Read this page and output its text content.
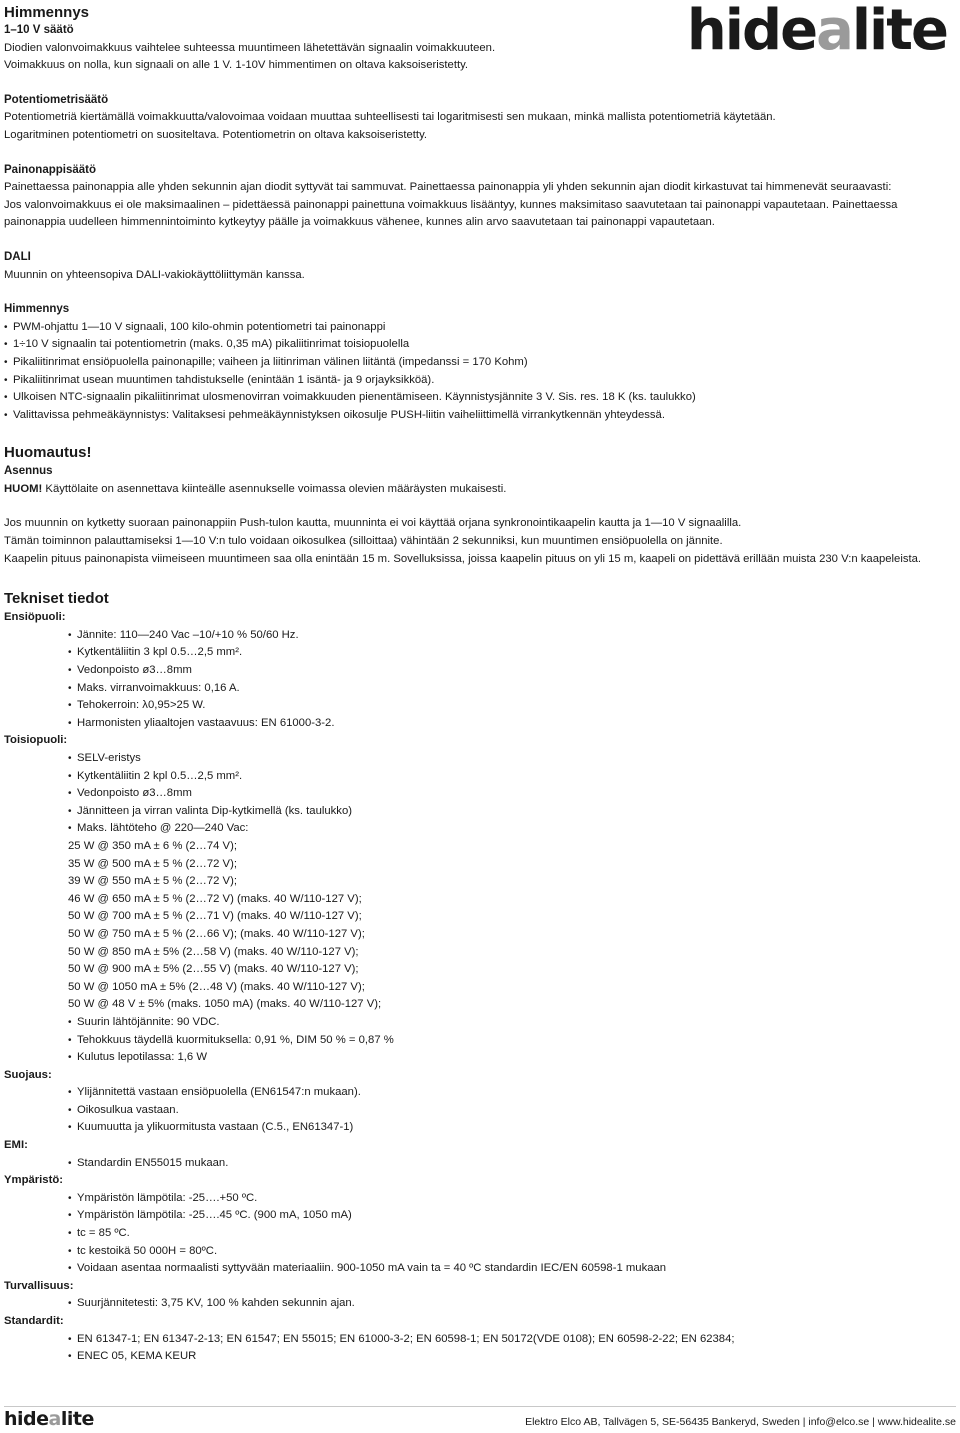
hidealite
Himmennys

1–10 V säätö

Diodien valonvoimakkuus vaihtelee suhteessa muuntimeen lähetettävän signaalin voimakkuuteen.

Voimakkuus on nolla, kun signaali on alle 1 V. 1-10V himmentimen on oltava kaksoiseristetty.

Potentiometrisäätö

Potentiometriä kiertämällä voimakkuutta/valovoimaa voidaan muuttaa suhteellisesti tai logaritmisesti sen mukaan, minkä mallista potentiometriä käytetään.

Logaritminen potentiometri on suositeltava. Potentiometrin on oltava kaksoiseristetty.

Painonappisäätö

Painettaessa painonappia alle yhden sekunnin ajan diodit syttyvät tai sammuvat. Painettaessa painonappia yli yhden sekunnin ajan diodit kirkastuvat tai himmenevät seuraavasti:

Jos valonvoimakkuus ei ole maksimaalinen – pidettäessä painonappi painettuna voimakkuus lisääntyy, kunnes maksimitaso saavutetaan tai painonappi vapautetaan. Painettaessa painonappia uudelleen himmennintoiminto kytkeytyy päälle ja voimakkuus vähenee, kunnes alin arvo saavutetaan tai painonappi vapautetaan.

DALI

Muunnin on yhteensopiva DALI-vakiokäyttöliittymän kanssa.

Himmennys

• PWM-ohjattu 1—10 V signaali, 100 kilo-ohmin potentiometri tai painonappi
• 1÷10 V signaalin tai potentiometrin (maks. 0,35 mA) pikaliitinrimat toisiopuolella
• Pikaliitinrimat ensiöpuolella painonapille; vaiheen ja liitinriman välinen liitäntä (impedanssi = 170 Kohm)
• Pikaliitinrimat usean muuntimen tahdistukselle (enintään 1 isäntä- ja 9 orjayksikköä).
• Ulkoisen NTC-signaalin pikaliitinrimat ulosmenovirran voimakkuuden pienentämiseen. Käynnistysjännite 3 V. Sis. res. 18 K (ks. taulukko)
• Valittavissa pehmeäkäynnistys: Valitaksesi pehmeäkäynnistyksen oikosulje PUSH-liitin vaiheliittimellä virrankytkennän yhteydessä.

Huomautus!

Asennus

HUOM! Käyttölaite on asennettava kiinteälle asennukselle voimassa olevien määräysten mukaisesti.

Jos muunnin on kytketty suoraan painonappiin Push-tulon kautta, muunninta ei voi käyttää orjana synkronointikaapelin kautta ja 1—10 V signaalilla.

Tämän toiminnon palauttamiseksi 1—10 V:n tulo voidaan oikosulkea (silloittaa) vähintään 2 sekunniksi, kun muuntimen ensiöpuolella on jännite.

Kaapelin pituus painonapista viimeiseen muuntimeen saa olla enintään 15 m. Sovelluksissa, joissa kaapelin pituus on yli 15 m, kaapeli on pidettävä erillään muista 230 V:n kaapeleista.

Tekniset tiedot

Ensiöpuoli:

• Jännite: 110—240 Vac –10/+10 % 50/60 Hz.
• Kytkentäliitin 3 kpl 0.5…2,5 mm².
• Vedonpoisto ø3…8mm
• Maks. virranvoimakkuus: 0,16 A.
• Tehokerroin: λ0,95>25 W.
• Harmonisten yliaaltojen vastaavuus: EN 61000-3-2.

Toisiopuoli:

• SELV-eristys
• Kytkentäliitin 2 kpl 0.5…2,5 mm².
• Vedonpoisto ø3…8mm
• Jännitteen ja virran valinta Dip-kytkimellä (ks. taulukko)
• Maks. lähtöteho @ 220—240 Vac:

25 W @ 350 mA ± 6 % (2…74 V);

35 W @ 500 mA ± 5 % (2…72 V);

39 W @ 550 mA ± 5 % (2…72 V);

46 W @ 650 mA ± 5 % (2…72 V) (maks. 40 W/110-127 V);

50 W @ 700 mA ± 5 % (2…71 V) (maks. 40 W/110-127 V);

50 W @ 750 mA ± 5 % (2…66 V); (maks. 40 W/110-127 V);

50 W @ 850 mA ± 5% (2…58 V) (maks. 40 W/110-127 V);

50 W @ 900 mA ± 5% (2…55 V) (maks. 40 W/110-127 V);

50 W @ 1050 mA ± 5% (2…48 V) (maks. 40 W/110-127 V);

50 W @ 48 V ± 5% (maks. 1050 mA) (maks. 40 W/110-127 V);

• Suurin lähtöjännite: 90 VDC.
• Tehokkuus täydellä kuormituksella: 0,91 %, DIM 50 % = 0,87 %
• Kulutus lepotilassa: 1,6 W

Suojaus:

• Ylijännitettä vastaan ensiöpuolella (EN61547:n mukaan).
• Oikosulkua vastaan.
• Kuumuutta ja ylikuormitusta vastaan (C.5., EN61347-1)

EMI:

• Standardin EN55015 mukaan.

Ympäristö:

• Ympäristön lämpötila: -25….+50 ºC.
• Ympäristön lämpötila: -25….45 ºC. (900 mA, 1050 mA)
• tc = 85 ºC.
• tc kestoikä 50 000H = 80ºC.
• Voidaan asentaa normaalisti syttyvään materiaaliin. 900-1050 mA vain ta = 40 ºC standardin IEC/EN 60598-1 mukaan

Turvallisuus:

• Suurjännitetesti: 3,75 KV, 100 % kahden sekunnin ajan.

Standardit:

• EN 61347-1; EN 61347-2-13; EN 61547; EN 55015; EN 61000-3-2; EN 60598-1; EN 50172(VDE 0108); EN 60598-2-22; EN 62384;
• ENEC 05, KEMA KEUR
hidealite	Elektro Elco AB, Tallvägen 5, SE-56435 Bankeryd, Sweden | info@elco.se | www.hidealite.se
